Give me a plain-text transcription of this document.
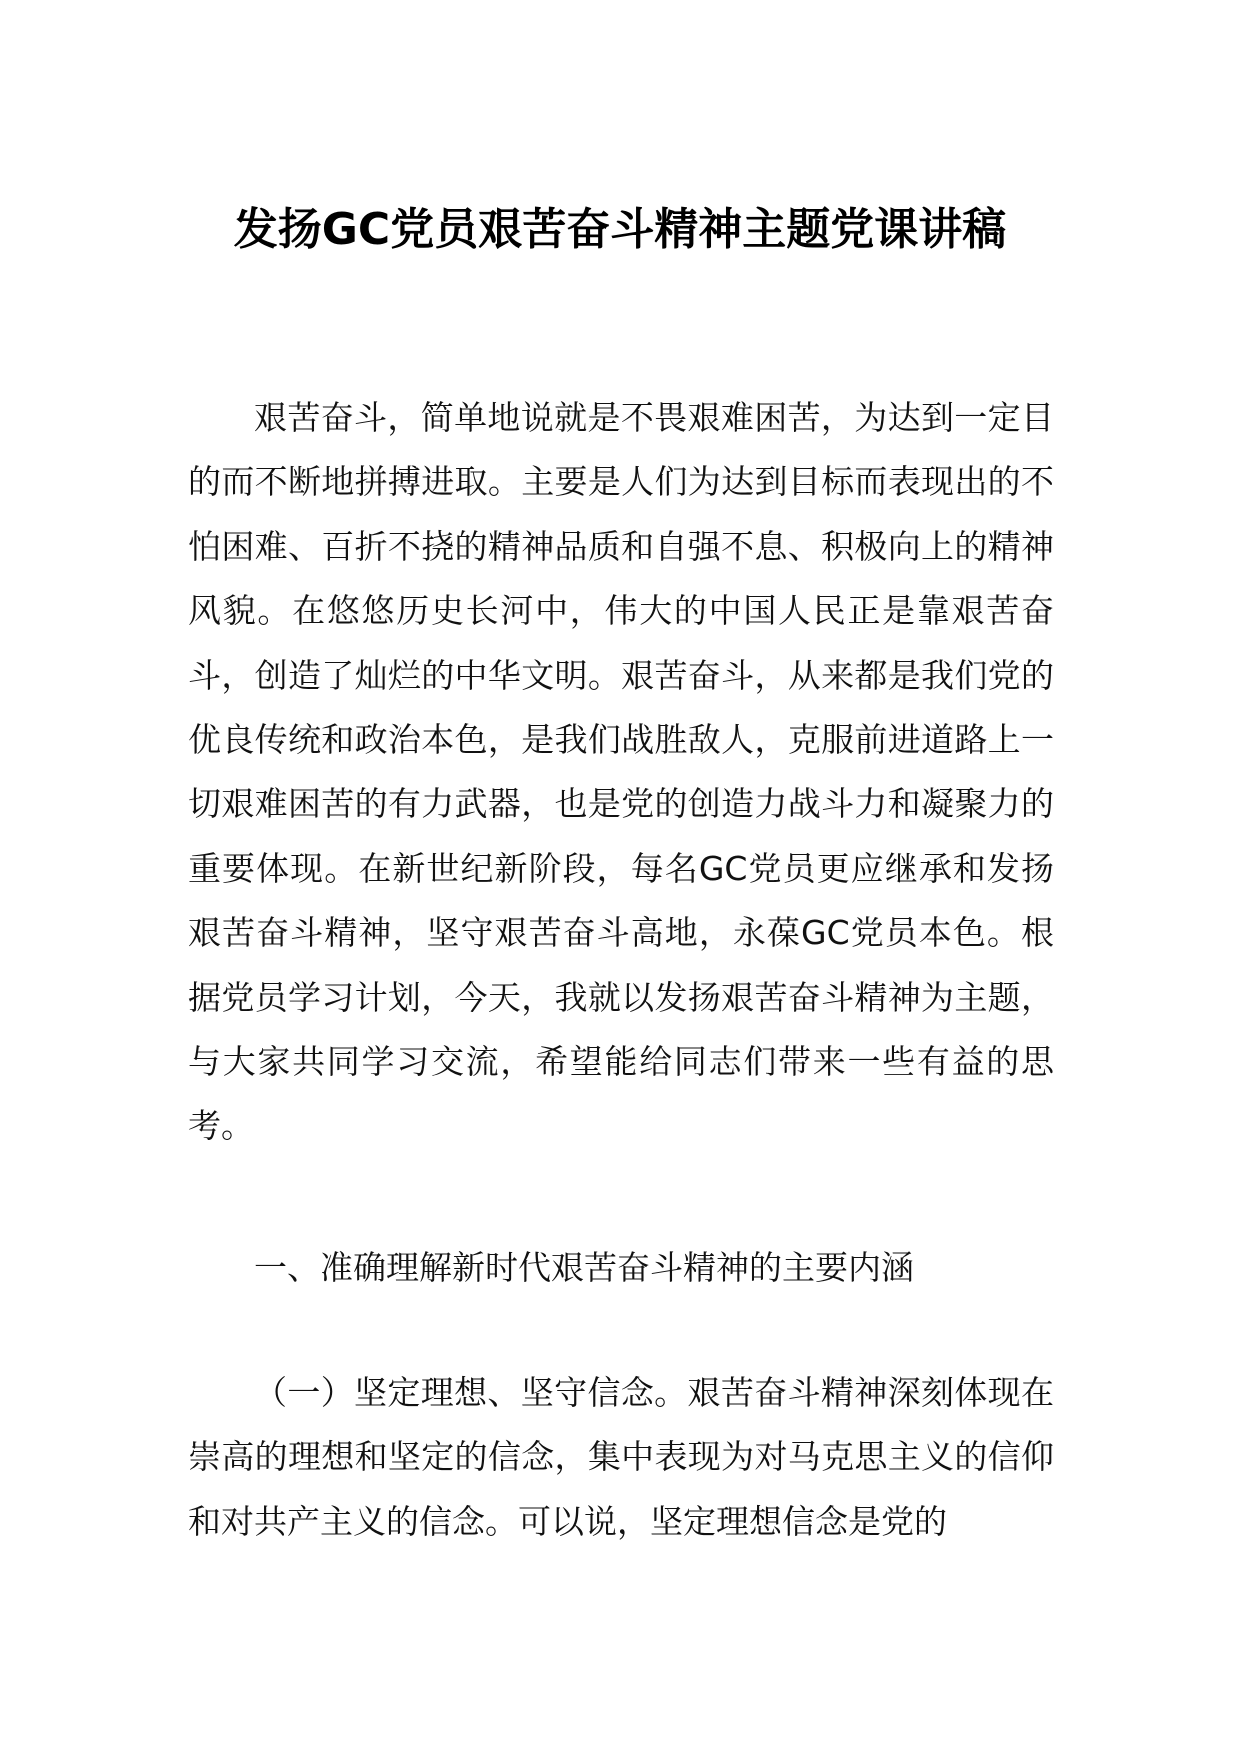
发扬GC党员艰苦奋斗精神主题党课讲稿

艰苦奋斗，简单地说就是不畏艰难困苦，为达到一定目的而不断地拼搏进取。主要是人们为达到目标而表现出的不怕困难、百折不挠的精神品质和自强不息、积极向上的精神风貌。在悠悠历史长河中，伟大的中国人民正是靠艰苦奋斗，创造了灿烂的中华文明。艰苦奋斗，从来都是我们党的优良传统和政治本色，是我们战胜敌人，克服前进道路上一切艰难困苦的有力武器，也是党的创造力战斗力和凝聚力的重要体现。在新世纪新阶段，每名GC党员更应继承和发扬艰苦奋斗精神，坚守艰苦奋斗高地，永葆GC党员本色。根据党员学习计划，今天，我就以发扬艰苦奋斗精神为主题，与大家共同学习交流，希望能给同志们带来一些有益的思考。

一、准确理解新时代艰苦奋斗精神的主要内涵

（一）坚定理想、坚守信念。艰苦奋斗精神深刻体现在崇高的理想和坚定的信念，集中表现为对马克思主义的信仰和对共产主义的信念。可以说，坚定理想信念是党的
